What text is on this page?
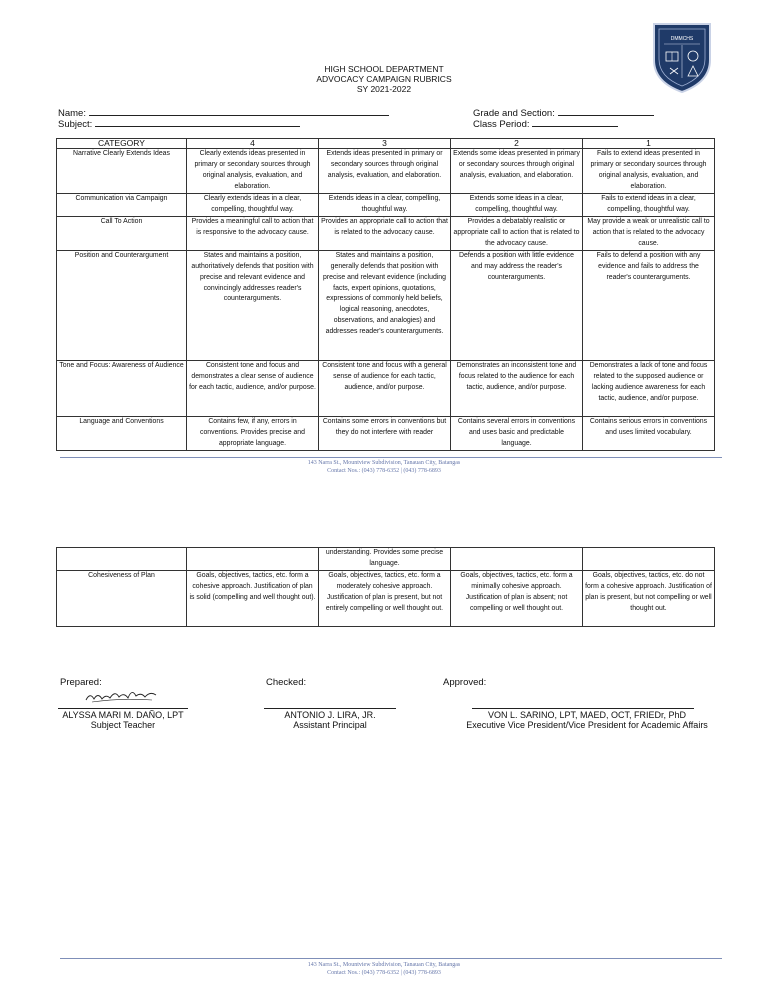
DMMCHS
HIGH SCHOOL DEPARTMENT
ADVOCACY CAMPAIGN RUBRICS
SY 2021-2022
Name:
Subject:
Grade and Section:
Class Period:
CATEGORY	4	3	2	1
Narrative Clearly Extends Ideas	Clearly extends ideas presented in primary or secondary sources through original analysis, evaluation, and elaboration.	Extends ideas presented in primary or secondary sources through original analysis, evaluation, and elaboration.	Extends some ideas presented in primary or secondary sources through original analysis, evaluation, and elaboration.	Fails to extend ideas presented in primary or secondary sources through original analysis, evaluation, and elaboration.
Communication via Campaign	Clearly extends ideas in a clear, compelling, thoughtful way.	Extends ideas in a clear, compelling, thoughtful way.	Extends some ideas in a clear, compelling, thoughtful way.	Fails to extend ideas in a clear, compelling, thoughtful way.
Call To Action	Provides a meaningful call to action that is responsive to the advocacy cause.	Provides an appropriate call to action that is related to the advocacy cause.	Provides a debatably realistic or appropriate call to action that is related to the advocacy cause.	May provide a weak or unrealistic call to action that is related to the advocacy cause.
Position and Counterargument	States and maintains a position, authoritatively defends that position with precise and relevant evidence and convincingly addresses reader's counterarguments.	States and maintains a position, generally defends that position with precise and relevant evidence (including facts, expert opinions, quotations, expressions of commonly held beliefs, logical reasoning, anecdotes, observations, and analogies) and addresses reader's counterarguments.	Defends a position with little evidence and may address the reader's counterarguments.	Fails to defend a position with any evidence and fails to address the reader's counterarguments.
Tone and Focus: Awareness of Audience	Consistent tone and focus and demonstrates a clear sense of audience for each tactic, audience, and/or purpose.	Consistent tone and focus with a general sense of audience for each tactic, audience, and/or purpose.	Demonstrates an inconsistent tone and focus related to the audience for each tactic, audience, and/or purpose.	Demonstrates a lack of tone and focus related to the supposed audience or lacking audience awareness for each tactic, audience, and/or purpose.
Language and Conventions	Contains few, if any, errors in conventions. Provides precise and appropriate language.	Contains some errors in conventions but they do not interfere with reader	Contains several errors in conventions and uses basic and predictable language.	Contains serious errors in conventions and uses limited vocabulary.
143 Narra St., Mountview Subdivision, Tanauan City, Batangas
Contact Nos.: (043) 778-6352 | (043) 778-6893
		understanding. Provides some precise language.		
Cohesiveness of Plan	Goals, objectives, tactics, etc. form a cohesive approach. Justification of plan is solid (compelling and well thought out).	Goals, objectives, tactics, etc. form a moderately cohesive approach. Justification of plan is present, but not entirely compelling or well thought out.	Goals, objectives, tactics, etc. form a minimally cohesive approach. Justification of plan is absent; not compelling or well thought out.	Goals, objectives, tactics, etc. do not form a cohesive approach. Justification of plan is present, but not compelling or well thought out.
Prepared:	Checked:	Approved:
ALYSSA MARI M. DAÑO, LPT
Subject Teacher
ANTONIO J. LIRA, JR.
Assistant Principal
VON L. SARINO, LPT, MAED, OCT, FRIEDr, PhD
Executive Vice President/Vice President for Academic Affairs
143 Narra St., Mountview Subdivision, Tanauan City, Batangas
Contact Nos.: (043) 778-6352 | (043) 778-6893
